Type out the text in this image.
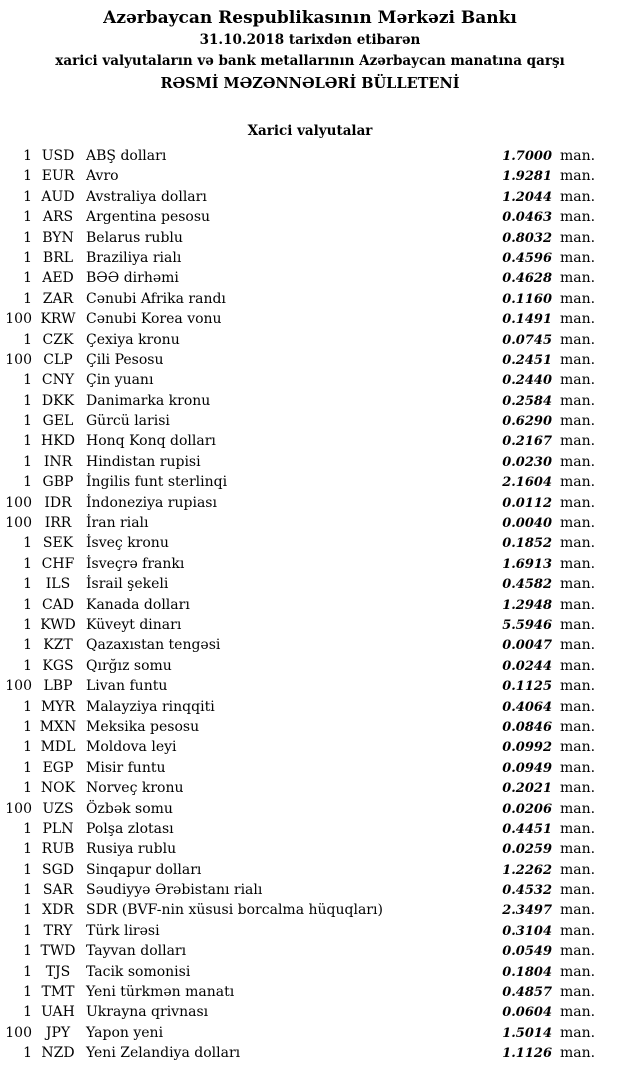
Azərbaycan Respublikasının Mərkəzi Bankı
31.10.2018 tarixdən etibarən
xarici valyutaların və bank metallarının Azərbaycan manatına qarşı
RƏSMİ MƏZƏNNƏLƏRİ BÜLLETENİ
Xarici valyutalar
1 USD ABŞ dolları	1.7000 man.
1 EUR Avro	1.9281 man.
1 AUD Avstraliya dolları	1.2044 man.
1 ARS Argentina pesosu	0.0463 man.
1 BYN Belarus rublu	0.8032 man.
1 BRL Braziliya rialı	0.4596 man.
1 AED BƏƏ dirhəmi	0.4628 man.
1 ZAR Cənubi Afrika randı	0.1160 man.
100 KRW Cənubi Korea vonu	0.1491 man.
1 CZK Çexiya kronu	0.0745 man.
100 CLP Çili Pesosu	0.2451 man.
1 CNY Çin yuanı	0.2440 man.
1 DKK Danimarka kronu	0.2584 man.
1 GEL Gürcü larisi	0.6290 man.
1 HKD Honq Konq dolları	0.2167 man.
1 INR Hindistan rupisi	0.0230 man.
1 GBP İngilis funt sterlinqi	2.1604 man.
100 IDR	İndoneziya rupiası	0.0112 man.
100 IRR	İran rialı	0.0040 man.
1 SEK İsveç kronu	0.1852 man.
1 CHF İsveçrə frankı	1.6913 man.
1 ILS	İsrail şekeli	0.4582 man.
1 CAD Kanada dolları	1.2948 man.
1 KWD Küveyt dinarı	5.5946 man.
1 KZT Qazaxıstan tengəsi	0.0047 man.
1 KGS Qırğız somu	0.0244 man.
100 LBP Livan funtu	0.1125 man.
1 MYR Malayziya rinqqiti	0.4064 man.
1 MXN Meksika pesosu	0.0846 man.
1 MDL Moldova leyi	0.0992 man.
1 EGP Misir funtu	0.0949 man.
1 NOK Norveç kronu	0.2021 man.
100 UZS Özbək somu	0.0206 man.
1 PLN Polşa zlotası	0.4451 man.
1 RUB Rusiya rublu	0.0259 man.
1 SGD Sinqapur dolları	1.2262 man.
1 SAR Səudiyyə Ərəbistanı rialı	0.4532 man.
1 XDR SDR (BVF-nin xüsusi borcalma hüquqları)	2.3497 man.
1 TRY Türk lirəsi	0.3104 man.
1 TWD Tayvan dolları	0.0549 man.
1 TJS	Tacik somonisi	0.1804 man.
1 TMT Yeni türkmən manatı	0.4857 man.
1 UAH Ukrayna qrivnası	0.0604 man.
100 JPY	Yapon yeni	1.5014 man.
1 NZD Yeni Zelandiya dolları	1.1126 man.
